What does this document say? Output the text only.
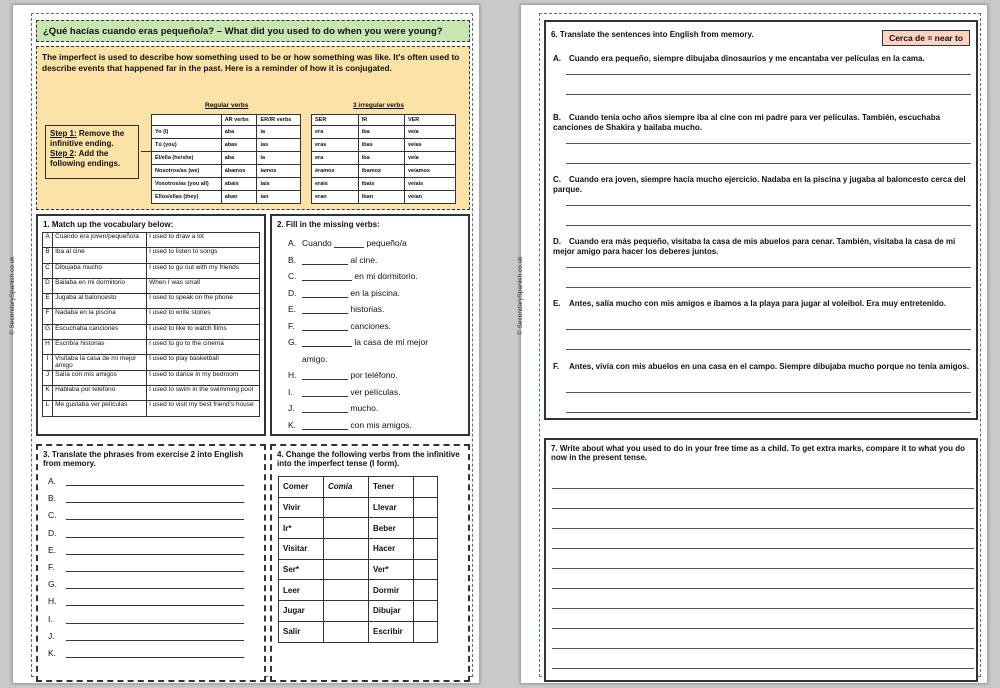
© SecondarySpanish.co.uk
¿Qué hacías cuando eras pequeño/a? – What did you used to do when you were young?
The imperfect is used to describe how something used to be or how something was like. It's often used to describe events that happened far in the past. Here is a reminder of how it is conjugated.
Step 1: Remove the infinitive ending.
Step 2: Add the following endings.
Regular verbs	3 irregular verbs
	AR verbs	ER/IR verbs
Yo (I)	aba	ía
Tú (you)	abas	ías
Él/ella (he/she)	aba	ía
Nosotros/as (we)	ábamos	íamos
Vosotros/as (you all)	abais	íais
Ellos/ellas (they)	aban	ían
SER	IR	VER
era	iba	veía
eras	ibas	veías
era	iba	veía
éramos	íbamos	veíamos
erais	ibais	veíais
eran	iban	veían
1. Match up the vocabulary below:
A	Cuando era joven/pequeño/a	I used to draw a lot
B	Iba al cine	I used to listen to songs
C	Dibujaba mucho	I used to go out with my friends
D	Bailaba en mi dormitorio	When I was small
E	Jugaba al baloncesto	I used to speak on the phone
F	Nadaba en la piscina	I used to write stories
G	Escuchaba canciones	I used to like to watch films
H	Escribía historias	I used to go to the cinema
I	Visitaba la casa de mi mejor amigo	I used to play basketball
J	Salía con mis amigos	I used to dance in my bedroom
K	Hablaba por teléfono	I used to swim in the swimming pool
L	Me gustaba ver películas	I used to visit my best friend's house
2. Fill in the missing verbs:
A. Cuando	pequeño/a
B.	al cine.
C.	en mi dormitorio.
D.	en la piscina.
E.	historias.
F.	canciones.
G.	la casa de mi mejor
amigo.
H.	por teléfono.
I.	ver películas.
J.	mucho.
K.	con mis amigos.
3. Translate the phrases from exercise 2 into English from memory.
A.
B.
C.
D.
E.
F.
G.
H.
I.
J.
K.
4. Change the following verbs from the infinitive into the imperfect tense (I form).
Comer	Comía	Tener	
Vivir		Llevar	
Ir*		Beber	
Visitar		Hacer	
Ser*		Ver*	
Leer		Dormir	
Jugar		Dibujar	
Salir		Escribir	
© SecondarySpanish.co.uk
6. Translate the sentences into English from memory.	Cerca de = near to
A. Cuando era pequeño, siempre dibujaba dinosaurios y me encantaba ver películas en la cama.
B. Cuando tenía ocho años siempre iba al cine con mi padre para ver películas. También, escuchaba canciones de Shakira y bailaba mucho.
C. Cuando era joven, siempre hacía mucho ejercicio. Nadaba en la piscina y jugaba al baloncesto cerca del parque.
D. Cuando era más pequeño, visitaba la casa de mis abuelos para cenar. También, visitaba la casa de mi mejor amigo para hacer los deberes juntos.
E. Antes, salía mucho con mis amigos e íbamos a la playa para jugar al voleibol. Era muy entretenido.
F. Antes, vivía con mis abuelos en una casa en el campo. Siempre dibujaba mucho porque no tenía amigos.
7. Write about what you used to do in your free time as a child. To get extra marks, compare it to what you do now in the present tense.
